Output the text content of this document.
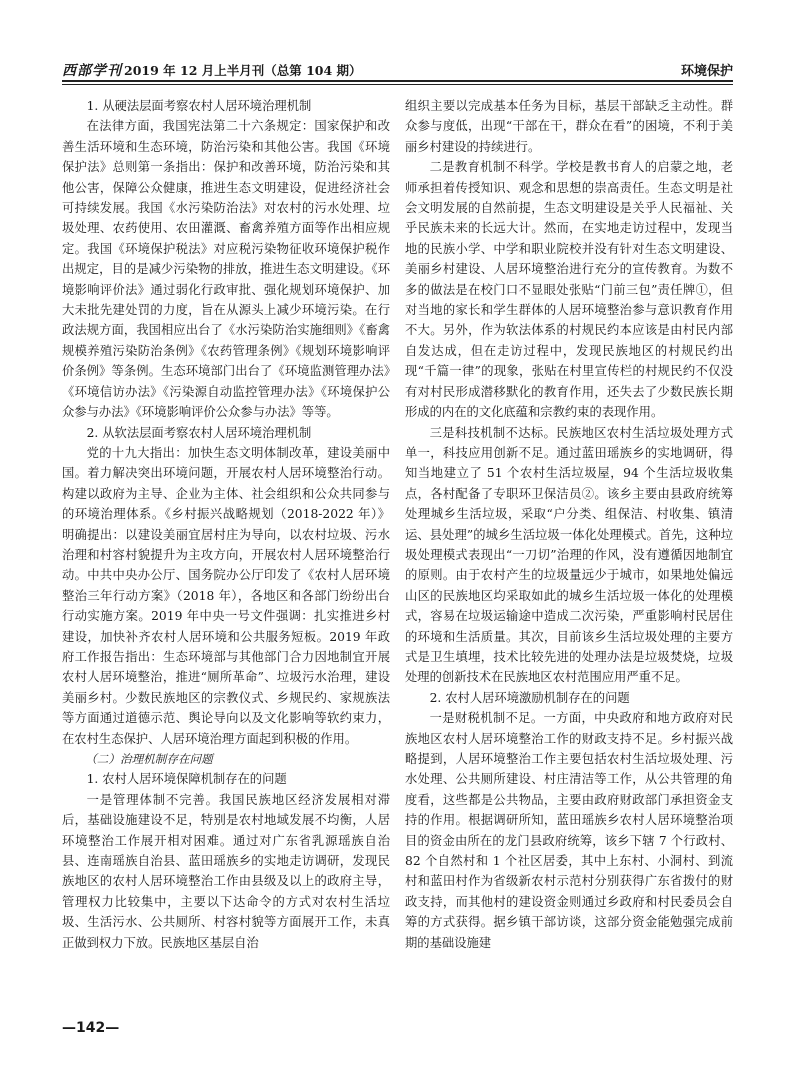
西部学刊 2019 年 12 月上半月刊（总第 104 期）	环境保护

1. 从硬法层面考察农村人居环境治理机制

在法律方面，我国宪法第二十六条规定：国家保护和改善生活环境和生态环境，防治污染和其他公害。我国《环境保护法》总则第一条指出：保护和改善环境，防治污染和其他公害，保障公众健康，推进生态文明建设，促进经济社会可持续发展。我国《水污染防治法》对农村的污水处理、垃圾处理、农药使用、农田灌溉、畜禽养殖方面等作出相应规定。我国《环境保护税法》对应税污染物征收环境保护税作出规定，目的是减少污染物的排放，推进生态文明建设。《环境影响评价法》通过弱化行政审批、强化规划环境保护、加大未批先建处罚的力度，旨在从源头上减少环境污染。在行政法规方面，我国相应出台了《水污染防治实施细则》《畜禽规模养殖污染防治条例》《农药管理条例》《规划环境影响评价条例》等条例。生态环境部门出台了《环境监测管理办法》《环境信访办法》《污染源自动监控管理办法》《环境保护公众参与办法》《环境影响评价公众参与办法》等等。

2. 从软法层面考察农村人居环境治理机制

党的十九大指出：加快生态文明体制改革，建设美丽中国。着力解决突出环境问题，开展农村人居环境整治行动。构建以政府为主导、企业为主体、社会组织和公众共同参与的环境治理体系。《乡村振兴战略规划（2018-2022 年）》明确提出：以建设美丽宜居村庄为导向，以农村垃圾、污水治理和村容村貌提升为主攻方向，开展农村人居环境整治行动。中共中央办公厅、国务院办公厅印发了《农村人居环境整治三年行动方案》（2018 年），各地区和各部门纷纷出台行动实施方案。2019 年中央一号文件强调：扎实推进乡村建设，加快补齐农村人居环境和公共服务短板。2019 年政府工作报告指出：生态环境部与其他部门合力因地制宜开展农村人居环境整治，推进“厕所革命”、垃圾污水治理，建设美丽乡村。少数民族地区的宗教仪式、乡规民约、家规族法等方面通过道德示范、舆论导向以及文化影响等软约束力，在农村生态保护、人居环境治理方面起到积极的作用。

（二）治理机制存在问题

1. 农村人居环境保障机制存在的问题

一是管理体制不完善。我国民族地区经济发展相对滞后，基础设施建设不足，特别是农村地域发展不均衡，人居环境整治工作展开相对困难。通过对广东省乳源瑶族自治县、连南瑶族自治县、蓝田瑶族乡的实地走访调研，发现民族地区的农村人居环境整治工作由县级及以上的政府主导，管理权力比较集中，主要以下达命令的方式对农村生活垃圾、生活污水、公共厕所、村容村貌等方面展开工作，未真正做到权力下放。民族地区基层自治

组织主要以完成基本任务为目标，基层干部缺乏主动性。群众参与度低，出现“干部在干，群众在看”的困境，不利于美丽乡村建设的持续进行。

二是教育机制不科学。学校是教书育人的启蒙之地，老师承担着传授知识、观念和思想的崇高责任。生态文明是社会文明发展的自然前提，生态文明建设是关乎人民福祉、关乎民族未来的长远大计。然而，在实地走访过程中，发现当地的民族小学、中学和职业院校并没有针对生态文明建设、美丽乡村建设、人居环境整治进行充分的宣传教育。为数不多的做法是在校门口不显眼处张贴“门前三包”责任牌①，但对当地的家长和学生群体的人居环境整治参与意识教育作用不大。另外，作为软法体系的村规民约本应该是由村民内部自发达成，但在走访过程中，发现民族地区的村规民约出现“千篇一律”的现象，张贴在村里宣传栏的村规民约不仅没有对村民形成潜移默化的教育作用，还失去了少数民族长期形成的内在的文化底蕴和宗教约束的表现作用。

三是科技机制不达标。民族地区农村生活垃圾处理方式单一，科技应用创新不足。通过蓝田瑶族乡的实地调研，得知当地建立了 51 个农村生活垃圾屋，94 个生活垃圾收集点，各村配备了专职环卫保洁员②。该乡主要由县政府统筹处理城乡生活垃圾，采取“户分类、组保洁、村收集、镇清运、县处理”的城乡生活垃圾一体化处理模式。首先，这种垃圾处理模式表现出“一刀切”治理的作风，没有遵循因地制宜的原则。由于农村产生的垃圾量远少于城市，如果地处偏远山区的民族地区均采取如此的城乡生活垃圾一体化的处理模式，容易在垃圾运输途中造成二次污染，严重影响村民居住的环境和生活质量。其次，目前该乡生活垃圾处理的主要方式是卫生填埋，技术比较先进的处理办法是垃圾焚烧，垃圾处理的创新技术在民族地区农村范围应用严重不足。

2. 农村人居环境激励机制存在的问题

一是财税机制不足。一方面，中央政府和地方政府对民族地区农村人居环境整治工作的财政支持不足。乡村振兴战略提到，人居环境整治工作主要包括农村生活垃圾处理、污水处理、公共厕所建设、村庄清洁等工作，从公共管理的角度看，这些都是公共物品，主要由政府财政部门承担资金支持的作用。根据调研所知，蓝田瑶族乡农村人居环境整治项目的资金由所在的龙门县政府统筹，该乡下辖 7 个行政村、82 个自然村和 1 个社区居委，其中上东村、小洞村、到流村和蓝田村作为省级新农村示范村分别获得广东省拨付的财政支持，而其他村的建设资金则通过乡政府和村民委员会自筹的方式获得。据乡镇干部访谈，这部分资金能勉强完成前期的基础设施建

—142—
